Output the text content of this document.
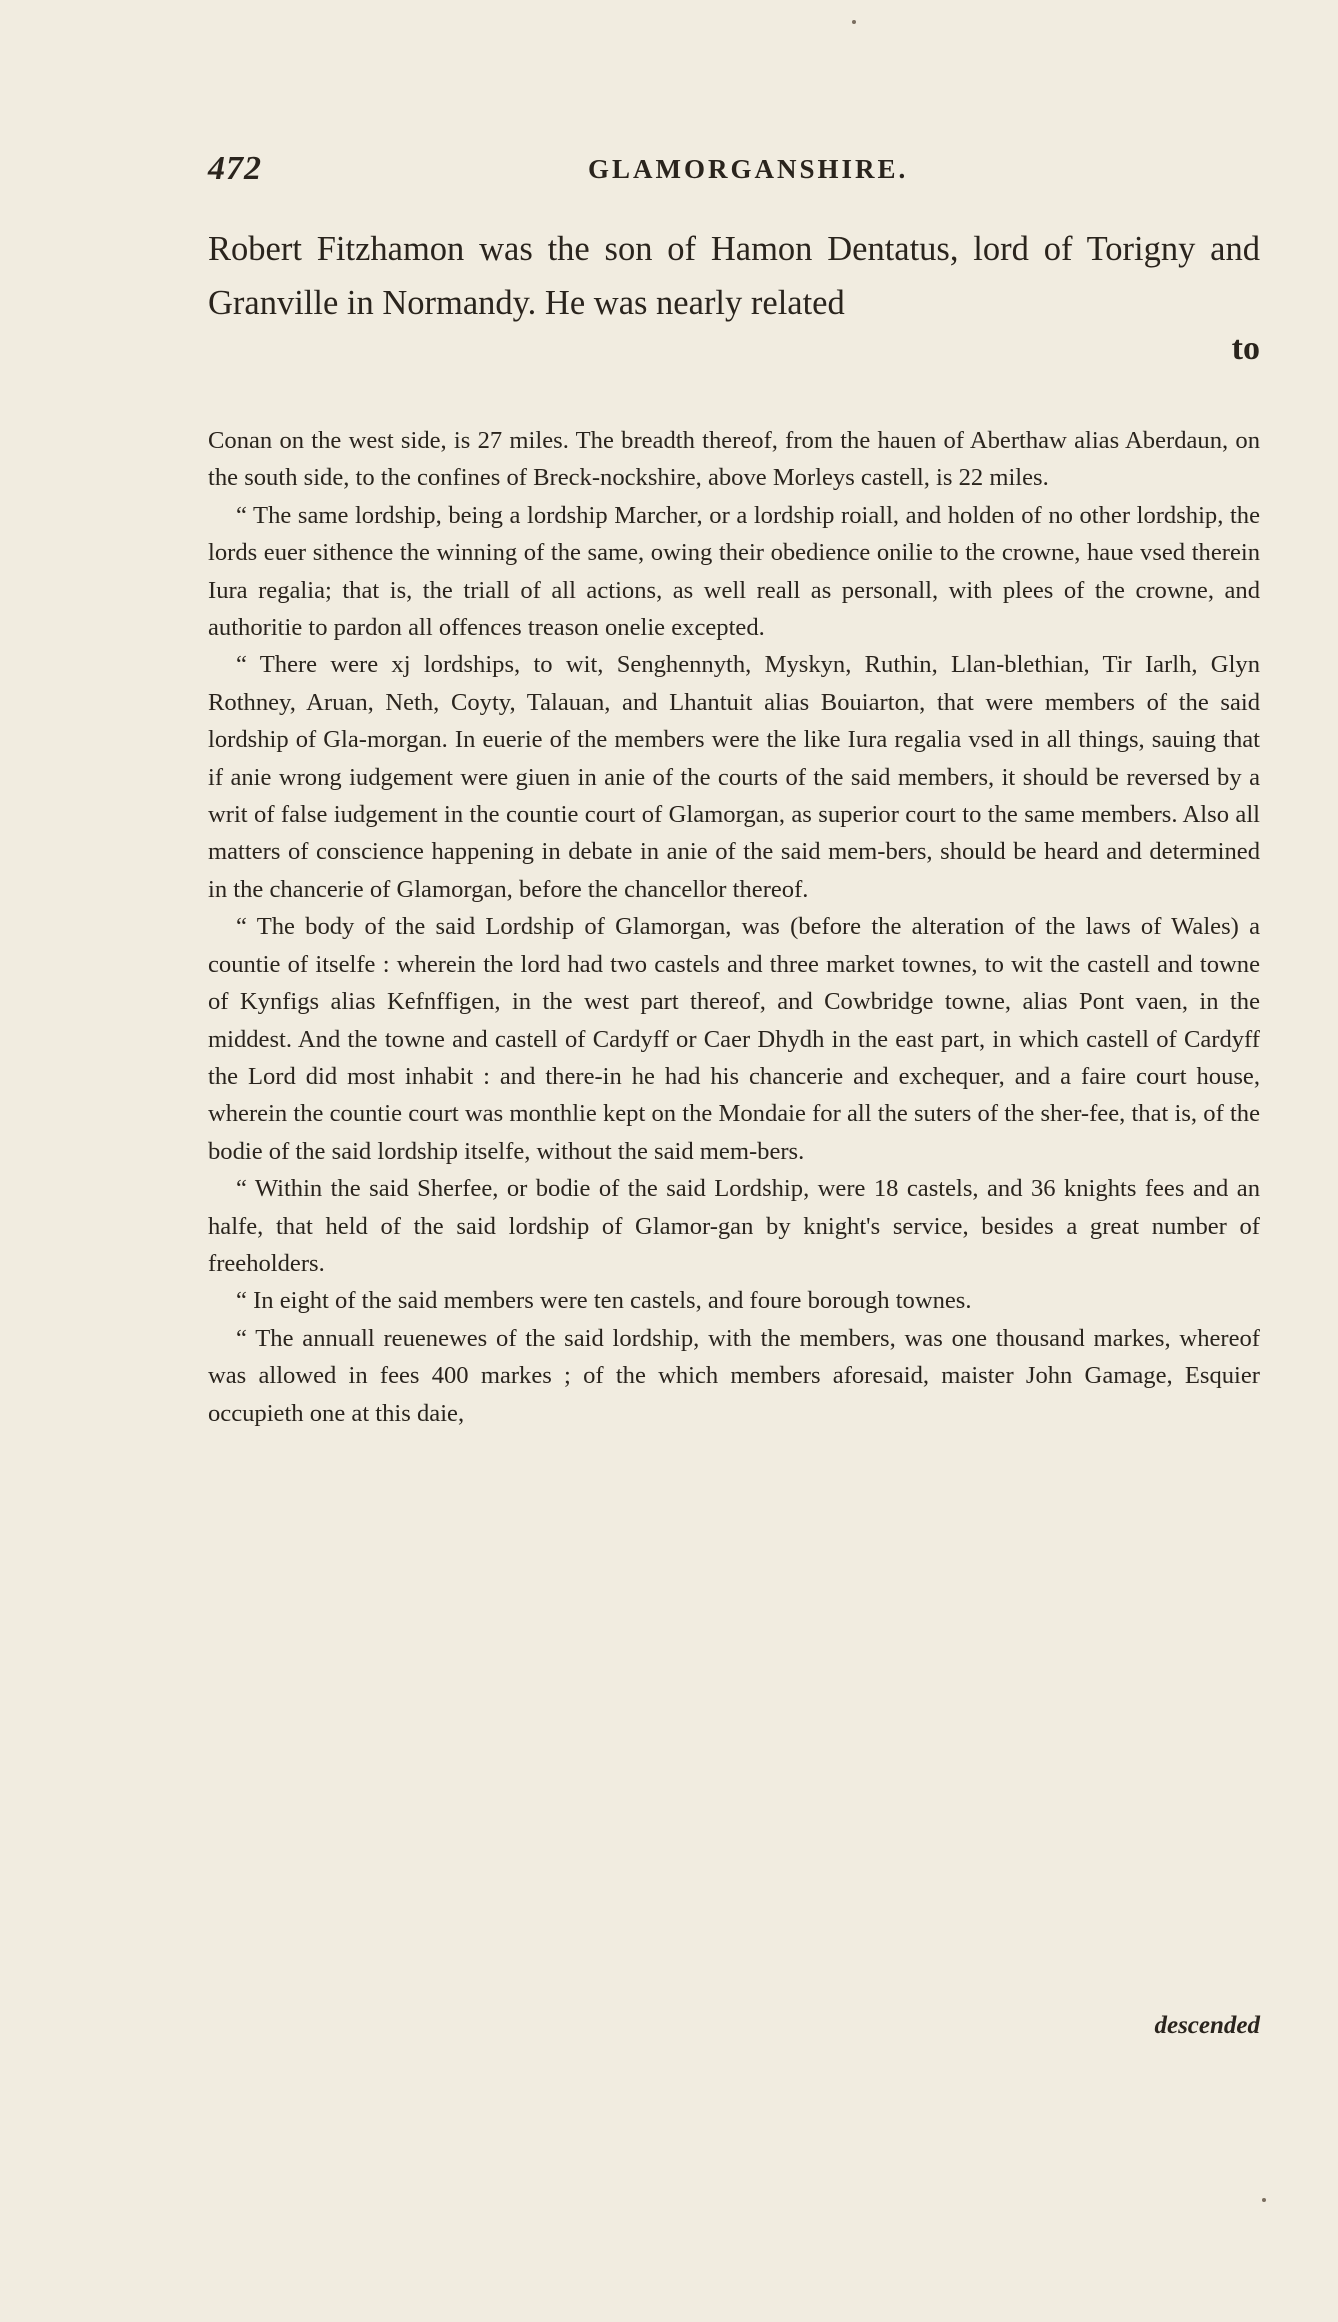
472	GLAMORGANSHIRE.

Robert Fitzhamon was the son of Hamon Dentatus, lord of Torigny and Granville in Normandy. He was nearly related

to

Conan on the west side, is 27 miles. The breadth thereof, from the hauen of Aberthaw alias Aberdaun, on the south side, to the confines of Breck-nockshire, above Morleys castell, is 22 miles.

“ The same lordship, being a lordship Marcher, or a lordship roiall, and holden of no other lordship, the lords euer sithence the winning of the same, owing their obedience onilie to the crowne, haue vsed therein Iura regalia; that is, the triall of all actions, as well reall as personall, with plees of the crowne, and authoritie to pardon all offences treason onelie excepted.

“ There were xj lordships, to wit, Senghennyth, Myskyn, Ruthin, Llan-blethian, Tir Iarlh, Glyn Rothney, Aruan, Neth, Coyty, Talauan, and Lhantuit alias Bouiarton, that were members of the said lordship of Gla-morgan. In euerie of the members were the like Iura regalia vsed in all things, sauing that if anie wrong iudgement were giuen in anie of the courts of the said members, it should be reversed by a writ of false iudgement in the countie court of Glamorgan, as superior court to the same members. Also all matters of conscience happening in debate in anie of the said mem-bers, should be heard and determined in the chancerie of Glamorgan, before the chancellor thereof.

“ The body of the said Lordship of Glamorgan, was (before the alteration of the laws of Wales) a countie of itselfe : wherein the lord had two castels and three market townes, to wit the castell and towne of Kynfigs alias Kefnffigen, in the west part thereof, and Cowbridge towne, alias Pont vaen, in the middest. And the towne and castell of Cardyff or Caer Dhydh in the east part, in which castell of Cardyff the Lord did most inhabit : and there-in he had his chancerie and exchequer, and a faire court house, wherein the countie court was monthlie kept on the Mondaie for all the suters of the sher-fee, that is, of the bodie of the said lordship itselfe, without the said mem-bers.

“ Within the said Sherfee, or bodie of the said Lordship, were 18 castels, and 36 knights fees and an halfe, that held of the said lordship of Glamor-gan by knight's service, besides a great number of freeholders.

“ In eight of the said members were ten castels, and foure borough townes.

“ The annuall reuenewes of the said lordship, with the members, was one thousand markes, whereof was allowed in fees 400 markes ; of the which members aforesaid, maister John Gamage, Esquier occupieth one at this daie,

descended
